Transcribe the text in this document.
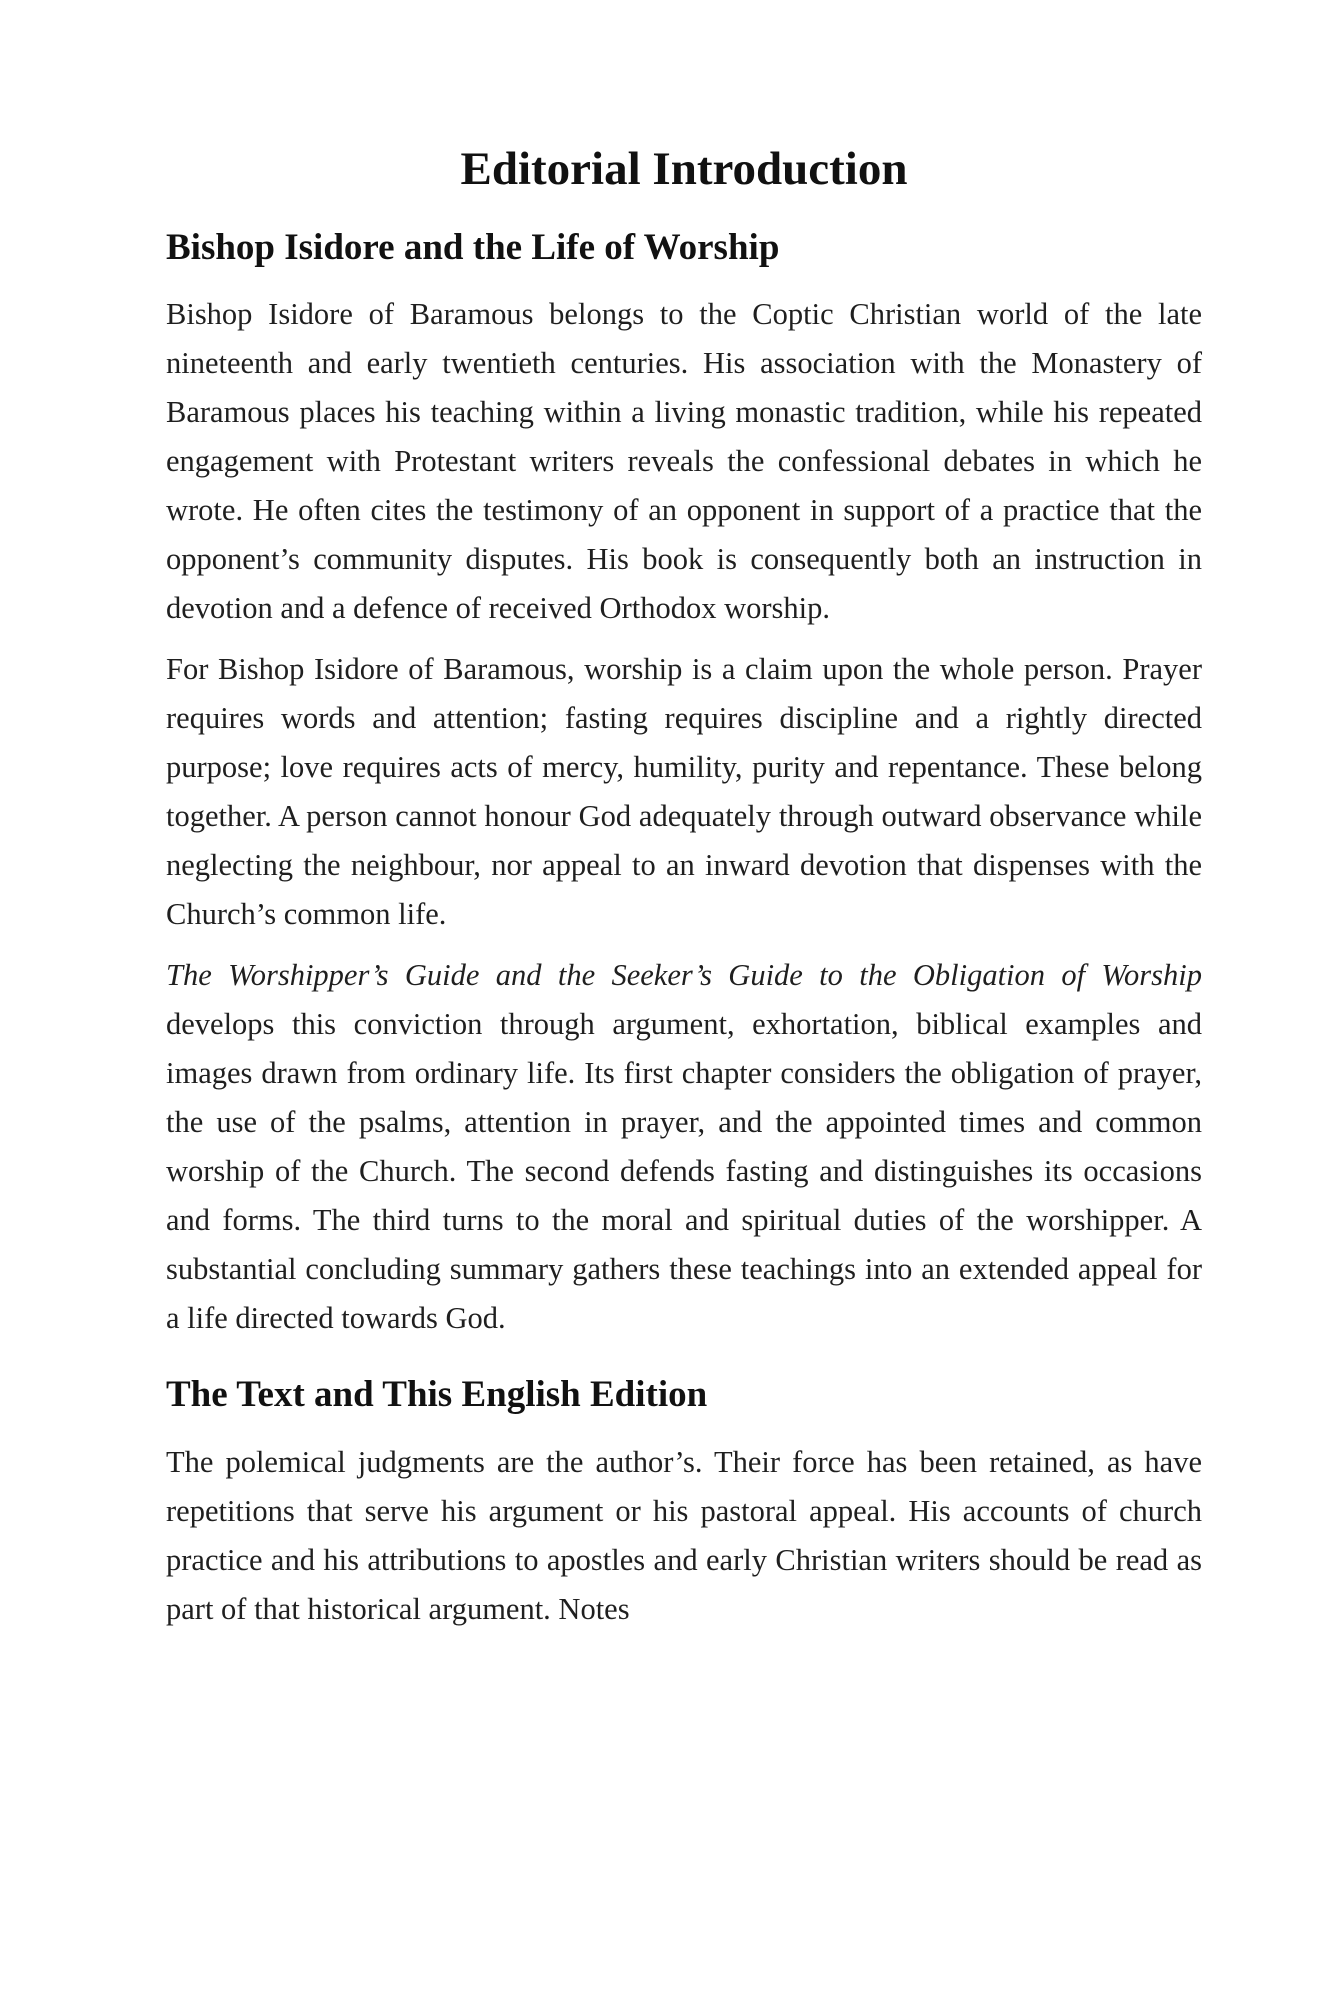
Editorial Introduction
Bishop Isidore and the Life of Worship

Bishop Isidore of Baramous belongs to the Coptic Christian world of the late nineteenth and early twentieth centuries. His association with the Monastery of Baramous places his teaching within a living monastic tradition, while his repeated engagement with Protestant writers reveals the confessional debates in which he wrote. He often cites the testimony of an opponent in support of a practice that the opponent’s community disputes. His book is consequently both an instruction in devotion and a defence of received Orthodox worship.

For Bishop Isidore of Baramous, worship is a claim upon the whole person. Prayer requires words and attention; fasting requires discipline and a rightly directed purpose; love requires acts of mercy, humility, purity and repentance. These belong together. A person cannot honour God adequately through outward observance while neglecting the neighbour, nor appeal to an inward devotion that dispenses with the Church’s common life.

The Worshipper’s Guide and the Seeker’s Guide to the Obligation of Worship develops this conviction through argument, exhortation, biblical examples and images drawn from ordinary life. Its first chapter considers the obligation of prayer, the use of the psalms, attention in prayer, and the appointed times and common worship of the Church. The second defends fasting and distinguishes its occasions and forms. The third turns to the moral and spiritual duties of the worshipper. A substantial concluding summary gathers these teachings into an extended appeal for a life directed towards God.

The Text and This English Edition

The polemical judgments are the author’s. Their force has been retained, as have repetitions that serve his argument or his pastoral appeal. His accounts of church practice and his attributions to apostles and early Christian writers should be read as part of that historical argument. Notes
